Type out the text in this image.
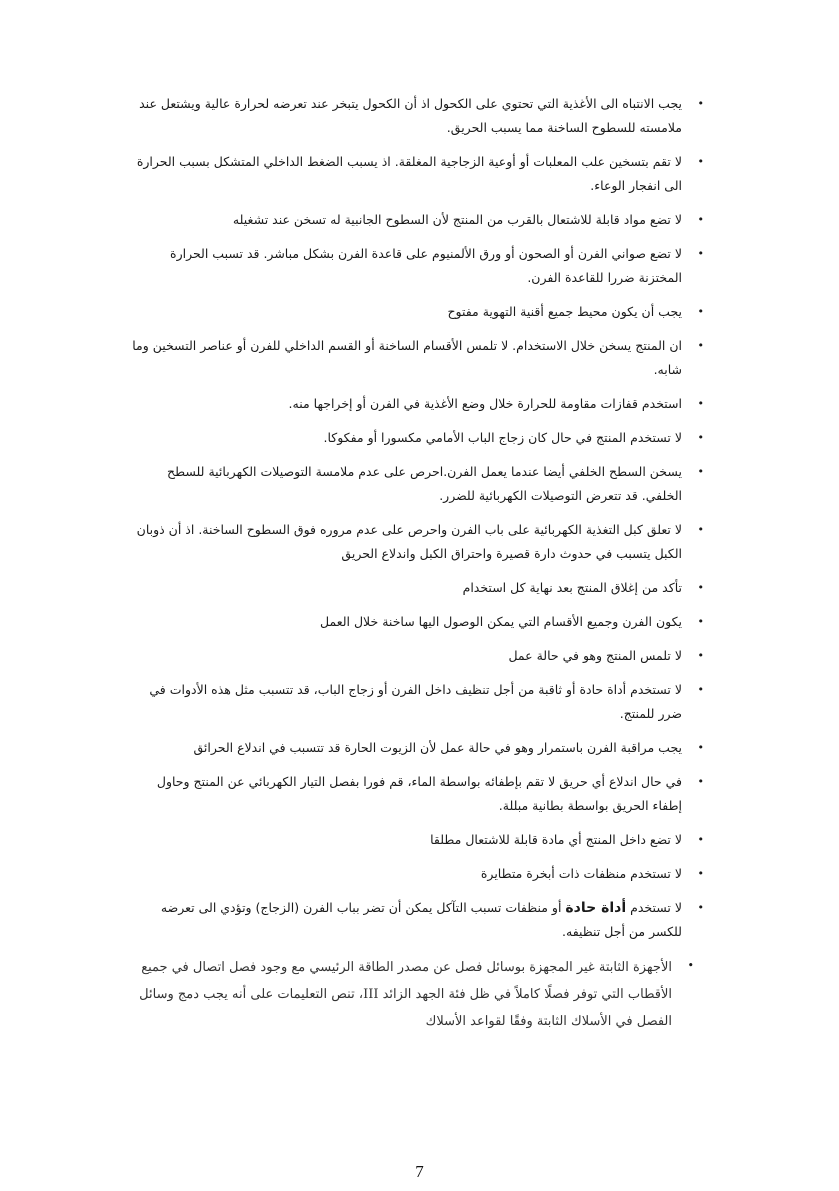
•
يجب الانتباه الى الأغذية التي تحتوي على الكحول اذ أن الكحول يتبخر عند تعرضه لحرارة عالية ويشتعل عند ملامسته للسطوح الساخنة مما يسبب الحريق.
•
لا تقم بتسخين علب المعلبات أو أوعية الزجاجية المغلقة. اذ يسبب الضغط الداخلي المتشكل بسبب الحرارة الى انفجار الوعاء.
•
لا تضع مواد قابلة للاشتعال بالقرب من المنتج لأن السطوح الجانبية له تسخن عند تشغيله
•
لا تضع صواني الفرن أو الصحون أو ورق الألمنيوم على قاعدة الفرن بشكل مباشر. قد تسبب الحرارة المختزنة ضررا للقاعدة الفرن.
•
يجب أن يكون محيط جميع أقنية التهوية مفتوح
•
ان المنتج يسخن خلال الاستخدام. لا تلمس الأقسام الساخنة أو القسم الداخلي للفرن أو عناصر التسخين وما شابه.
•
استخدم قفازات مقاومة للحرارة خلال وضع الأغذية في الفرن أو إخراجها منه.
•
لا تستخدم المنتج في حال كان زجاج الباب الأمامي مكسورا أو مفكوكا.
•
يسخن السطح الخلفي أيضا عندما يعمل الفرن.احرص على عدم ملامسة التوصيلات الكهربائية للسطح الخلفي. قد تتعرض التوصيلات الكهربائية للضرر.
•
لا تعلق كبل التغذية الكهربائية على باب الفرن واحرص على عدم مروره فوق السطوح الساخنة. اذ أن ذوبان الكبل يتسبب في حدوث دارة قصيرة واحتراق الكبل واندلاع الحريق
•
تأكد من إغلاق المنتج بعد نهاية كل استخدام
•
يكون الفرن وجميع الأقسام التي يمكن الوصول اليها ساخنة خلال العمل
•
لا تلمس المنتج وهو في حالة عمل
•
لا تستخدم أداة حادة أو ثاقبة من أجل تنظيف داخل الفرن أو زجاج الباب، قد تتسبب مثل هذه الأدوات في ضرر للمنتج.
•
يجب مراقبة الفرن باستمرار وهو في حالة عمل لأن الزيوت الحارة قد تتسبب في اندلاع الحرائق
•
في حال اندلاع أي حريق لا تقم بإطفائه بواسطة الماء، قم فورا بفصل التيار الكهربائي عن المنتج وحاول إطفاء الحريق بواسطة بطانية مبللة.
•
لا تضع داخل المنتج أي مادة قابلة للاشتعال مطلقا
•
لا تستخدم منظفات ذات أبخرة متطايرة
•
لا تستخدم أداة حادة أو منظفات تسبب التآكل يمكن أن تضر بباب الفرن (الزجاج) وتؤدي الى تعرضه للكسر من أجل تنظيفه.
•
الأجهزة الثابتة غير المجهزة بوسائل فصل عن مصدر الطاقة الرئيسي مع وجود فصل اتصال في جميع الأقطاب التي توفر فصلًا كاملاً في ظل فئة الجهد الزائد III، تنص التعليمات على أنه يجب دمج وسائل الفصل في الأسلاك الثابتة وفقًا لقواعد الأسلاك
7
